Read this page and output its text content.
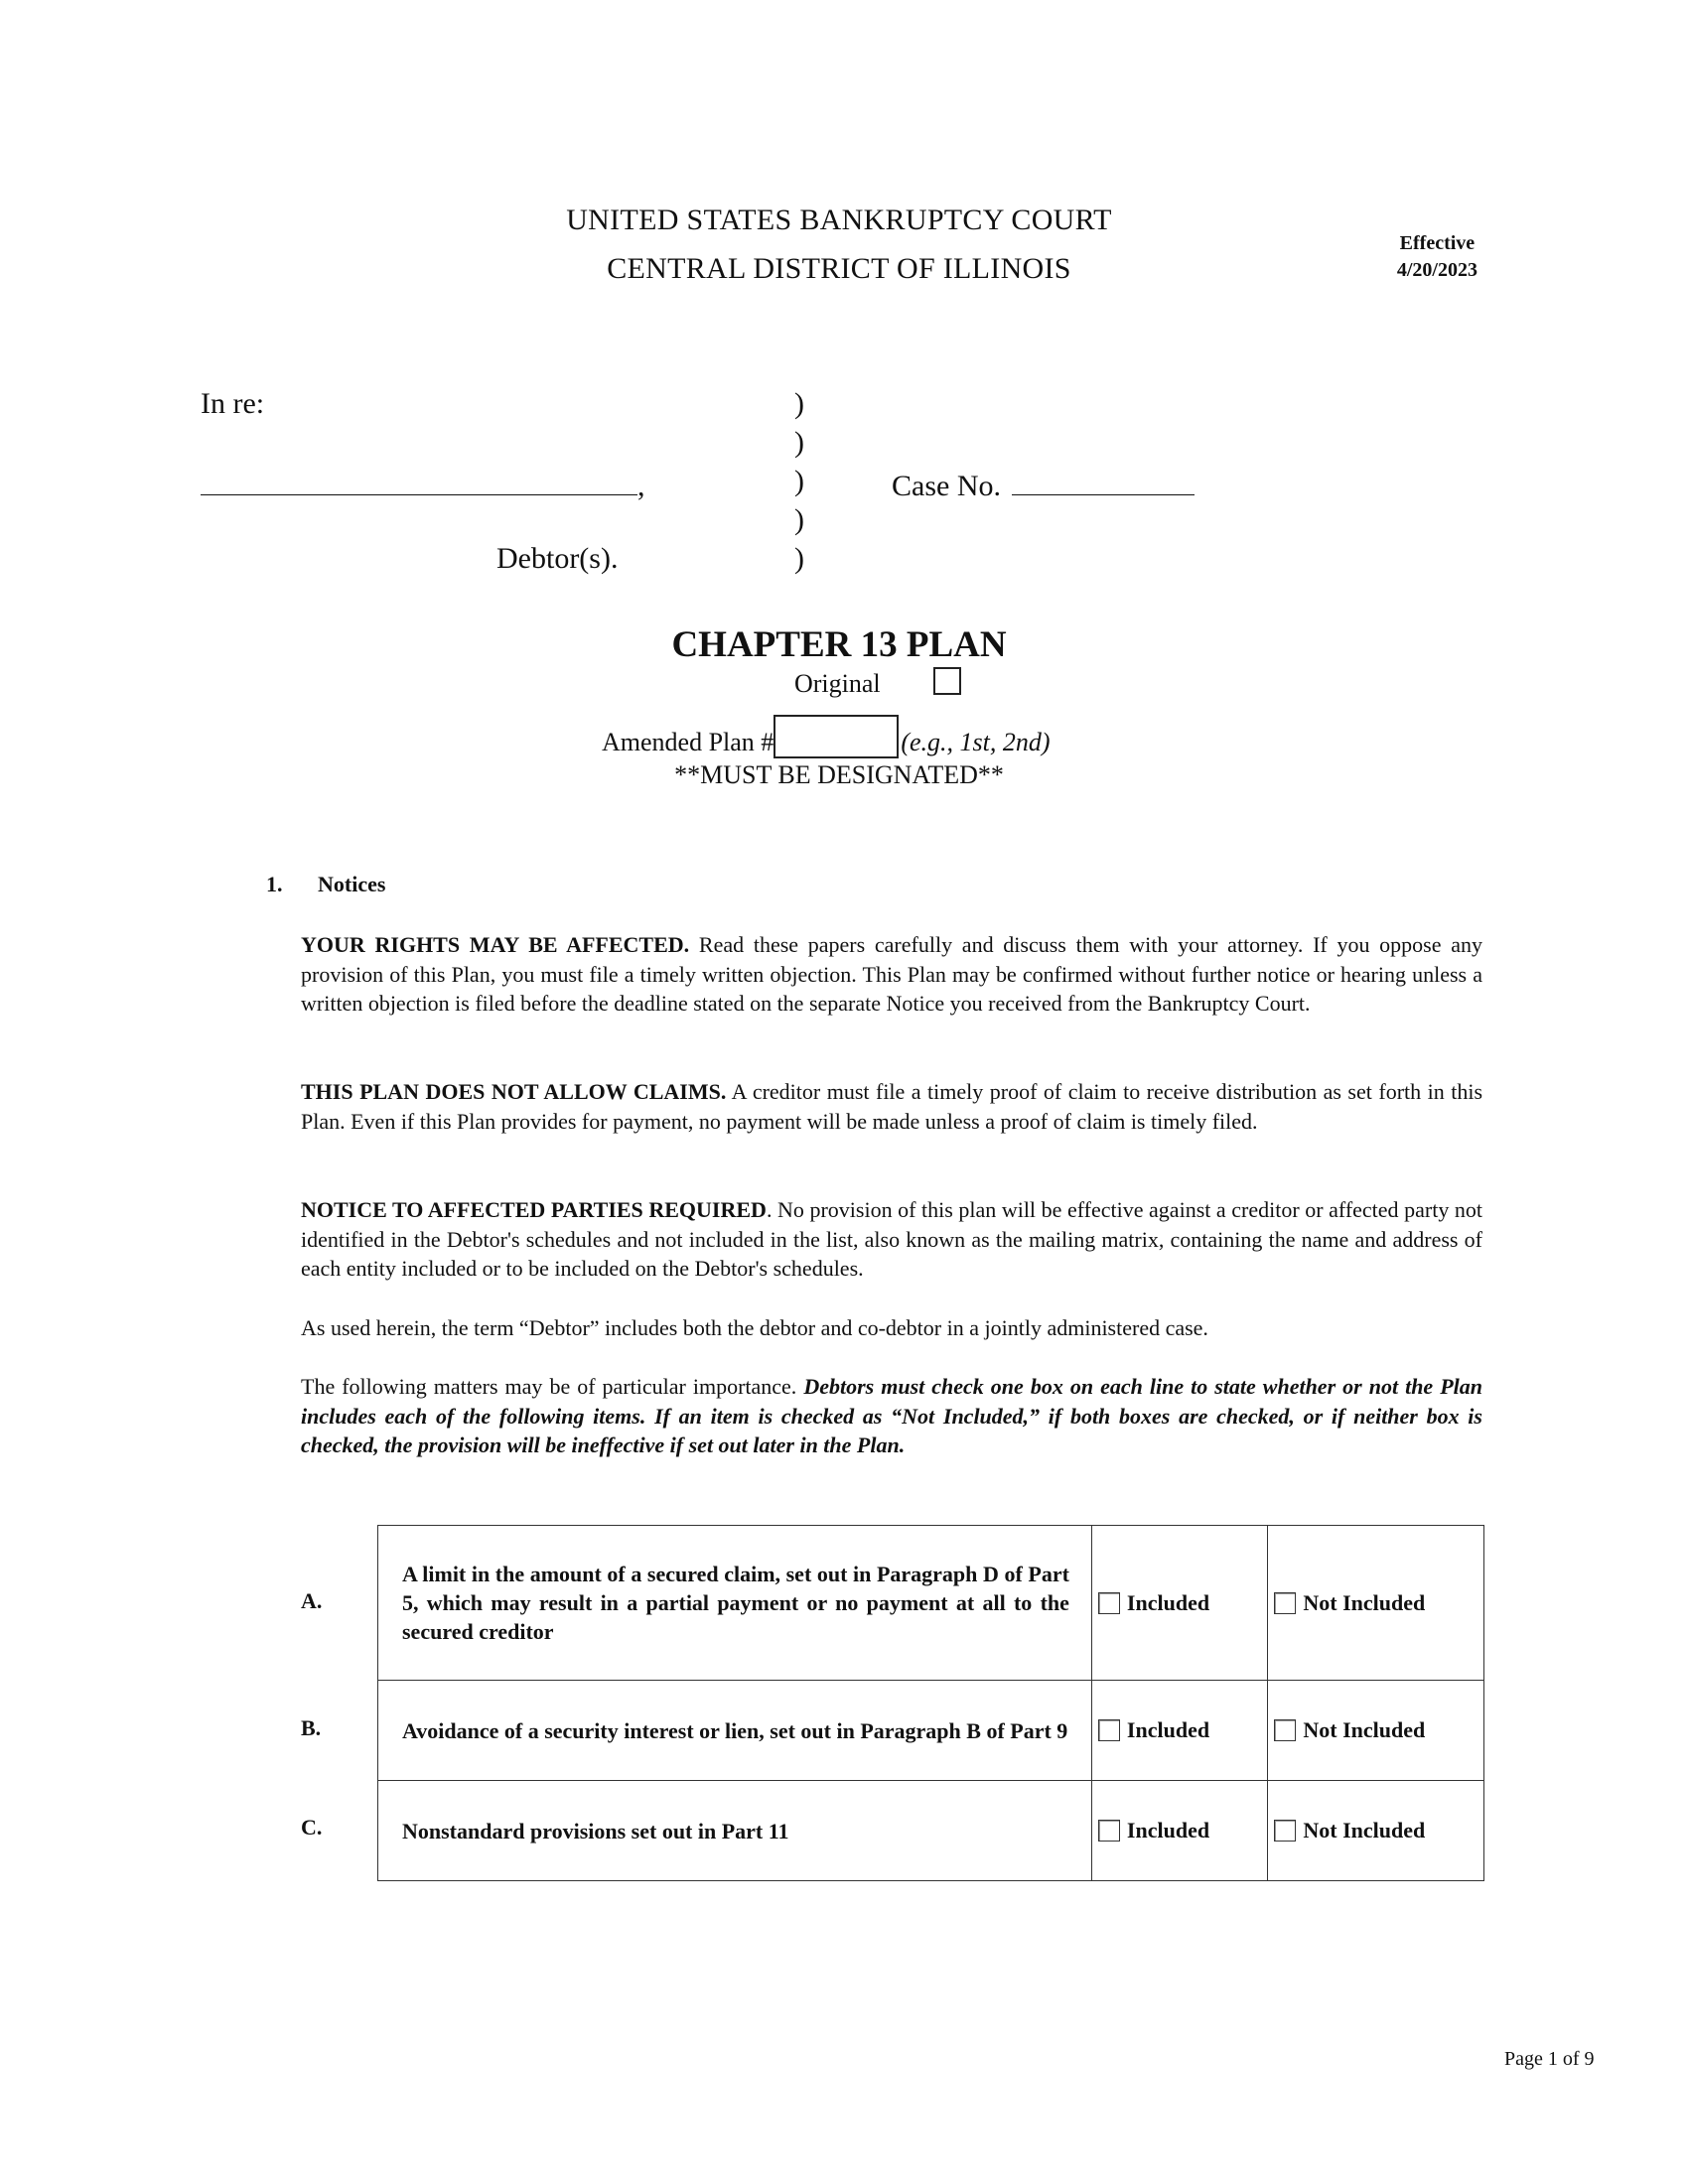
UNITED STATES BANKRUPTCY COURT
CENTRAL DISTRICT OF ILLINOIS
Effective
4/20/2023
In re:
,
Debtor(s).
)
)
)
)
)
Case No.
CHAPTER 13 PLAN
Original
Amended Plan #	(e.g., 1st, 2nd)
**MUST BE DESIGNATED**
1. Notices
YOUR RIGHTS MAY BE AFFECTED. Read these papers carefully and discuss them with your attorney. If you oppose any provision of this Plan, you must file a timely written objection. This Plan may be confirmed without further notice or hearing unless a written objection is filed before the deadline stated on the separate Notice you received from the Bankruptcy Court.
THIS PLAN DOES NOT ALLOW CLAIMS. A creditor must file a timely proof of claim to receive distribution as set forth in this Plan. Even if this Plan provides for payment, no payment will be made unless a proof of claim is timely filed.
NOTICE TO AFFECTED PARTIES REQUIRED. No provision of this plan will be effective against a creditor or affected party not identified in the Debtor's schedules and not included in the list, also known as the mailing matrix, containing the name and address of each entity included or to be included on the Debtor's schedules.
As used herein, the term “Debtor” includes both the debtor and co-debtor in a jointly administered case.
The following matters may be of particular importance. Debtors must check one box on each line to state whether or not the Plan includes each of the following items. If an item is checked as “Not Included,” if both boxes are checked, or if neither box is checked, the provision will be ineffective if set out later in the Plan.
A.
B.
C.
A limit in the amount of a secured claim, set out in Paragraph D of Part 5, which may result in a partial payment or no payment at all to the secured creditor	Included	Not Included
Avoidance of a security interest or lien, set out in Paragraph B of Part 9	Included	Not Included
Nonstandard provisions set out in Part 11	Included	Not Included
Page 1 of 9
